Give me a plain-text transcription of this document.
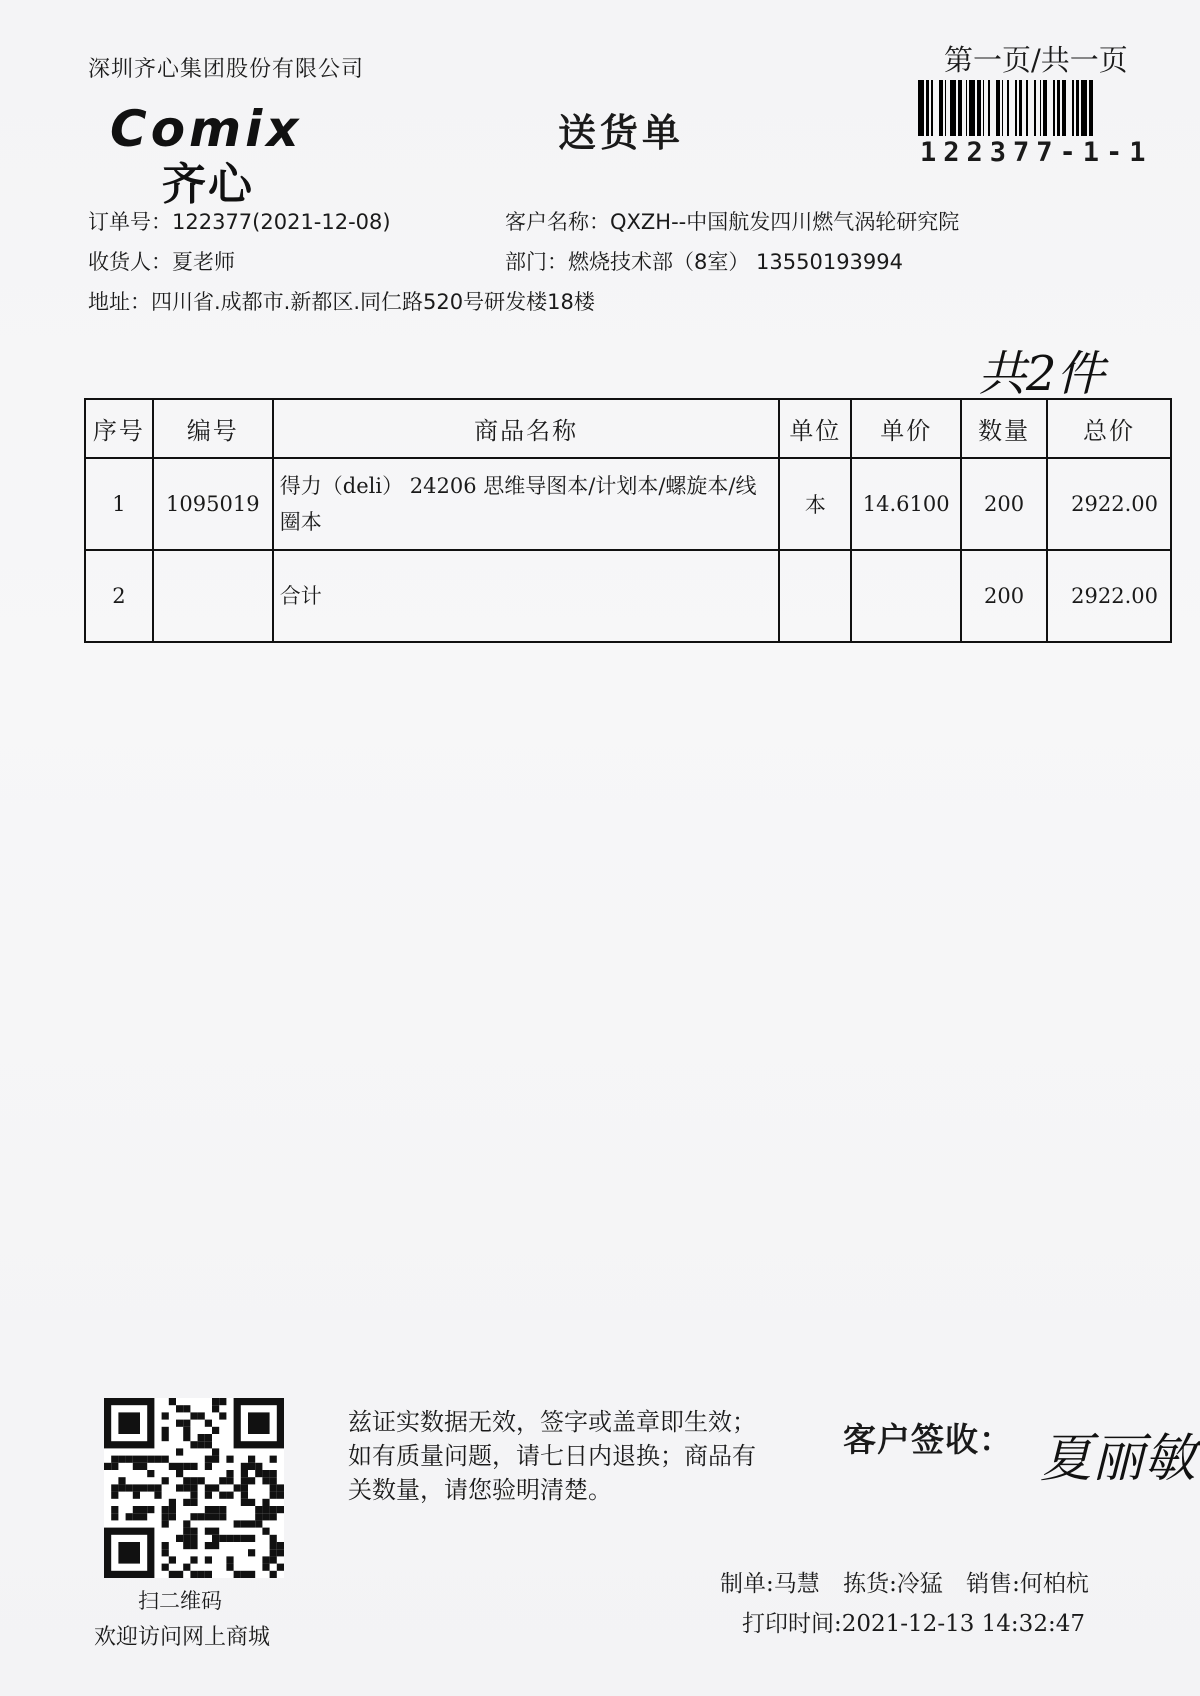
深圳齐心集团股份有限公司
Comix
齐心
送货单
第一页/共一页
122377-1-1
订单号：122377(2021-12-08)	客户名称：QXZH--中国航发四川燃气涡轮研究院
收货人：夏老师	部门：燃烧技术部（8室） 13550193994
地址：四川省.成都市.新都区.同仁路520号研发楼18楼
共2件
序号	编号	商品名称	单位	单价	数量	总价
1	1095019	得力（deli） 24206 思维导图本/计划本/螺旋本/线圈本	本	14.6100	200	2922.00
2		合计			200	2922.00
扫二维码
欢迎访问网上商城
兹证实数据无效，签字或盖章即生效；如有质量问题，请七日内退换；商品有关数量，请您验明清楚。
客户签收： 夏丽敏
制单:马慧 拣货:冷猛 销售:何柏杭
打印时间:2021-12-13 14:32:47
